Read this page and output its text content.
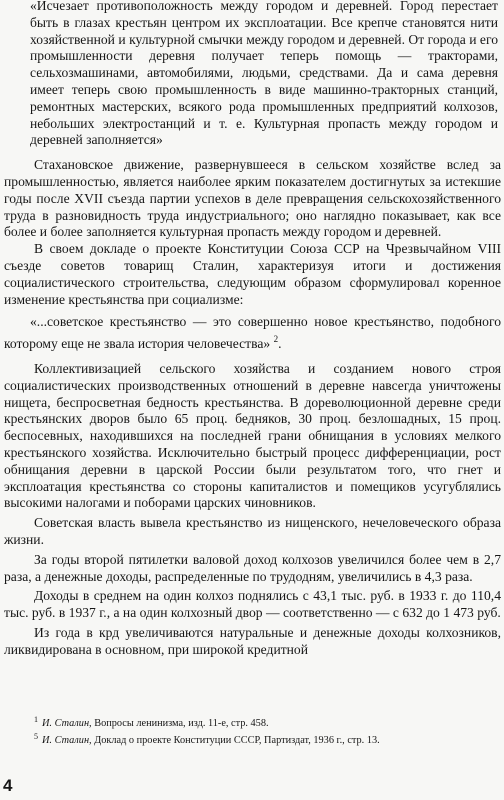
«Исчезает противоположность между городом и деревней. Город перестает быть в глазах крестьян центром их эксплоатации. Все крепче становятся нити хозяйственной и культурной смычки между городом и деревней. От города и его промышленности деревня получает теперь помощь — тракторами, сельхозмашинами, автомобилями, людьми, средствами. Да и сама деревня имеет теперь свою промышленность в виде машинно-тракторных станций, ремонтных мастерских, всякого рода промышленных предприятий колхозов, небольших электростанций и т. е. Культурная пропасть между городом и деревней заполняется»

Стахановское движение, развернувшееся в сельском хозяйстве вслед за промышленностью, является наиболее ярким показателем достигнутых за истекшие годы после XVII съезда партии успехов в деле превращения сельскохозяйственного труда в разновидность труда индустриального; оно наглядно показывает, как все более и более заполняется культурная пропасть между городом и деревней.

В своем докладе о проекте Конституции Союза ССР на Чрезвычайном VIII съезде советов товарищ Сталин, характеризуя итоги и достижения социалистического строительства, следующим образом сформулировал коренное изменение крестьянства при социализме:

«...советское крестьянство — это совершенно новое крестьянство, подобного которому еще не звала история человечества» $^2$.

Коллективизацией сельского хозяйства и созданием нового строя социалистических производственных отношений в деревне навсегда уничтожены нищета, беспросветная бедность крестьянства. В дореволюционной деревне среди крестьянских дворов было 65 проц. бедняков, 30 проц. безлошадных, 15 проц. беспосевных, находившихся на последней грани обнищания в условиях мелкого крестьянского хозяйства. Исключительно быстрый процесс дифференциации, рост обнищания деревни в царской России были результатом того, что гнет и эксплоатация крестьянства со стороны капиталистов и помещиков усугублялись высокими налогами и поборами царских чиновников.

Советская власть вывела крестьянство из нищенского, нечеловеческого образа жизни.

За годы второй пятилетки валовой доход колхозов увеличился более чем в 2,7 раза, а денежные доходы, распределенные по трудодням, увеличились в 4,3 раза.

Доходы в среднем на один колхоз поднялись с 43,1 тыс. руб. в 1933 г. до 110,4 тыс. руб. в 1937 г., а на один колхозный двор — соответственно — с 632 до 1 473 руб.

Из года в крд увеличиваются натуральные и денежные доходы колхозников, ликвидирована в основном, при широкой кредитной

$^1$ И. Сталин, Вопросы ленинизма, изд. 11-е, стр. 458.

$^5$ И. Сталин, Доклад о проекте Конституции СССР, Партиздат, 1936 г., стр. 13.

4
